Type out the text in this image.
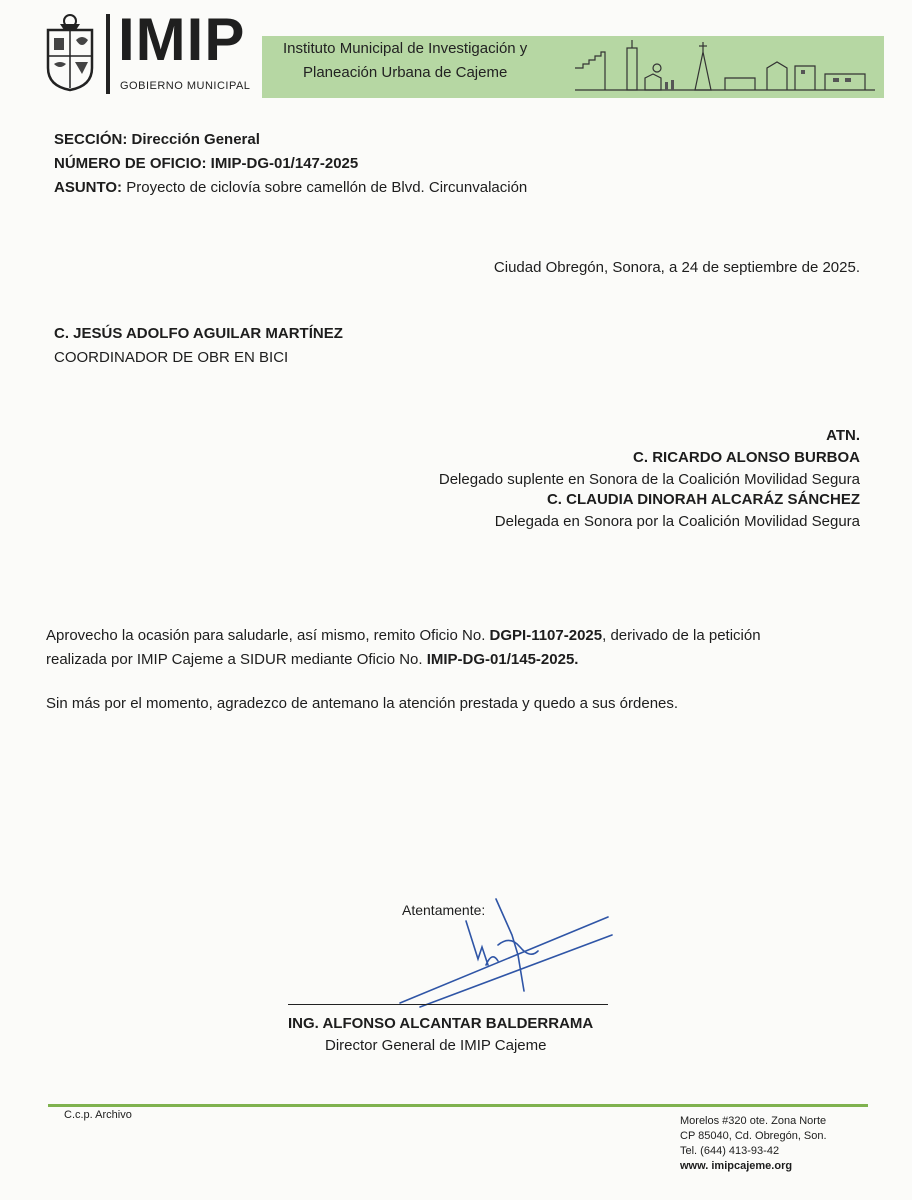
IMIP
GOBIERNO MUNICIPAL
Instituto Municipal de Investigación y
Planeación Urbana de Cajeme
SECCIÓN: Dirección General
NÚMERO DE OFICIO: IMIP-DG-01/147-2025
ASUNTO: Proyecto de ciclovía sobre camellón de Blvd. Circunvalación
Ciudad Obregón, Sonora, a 24 de septiembre de 2025.
C. JESÚS ADOLFO AGUILAR MARTÍNEZ
COORDINADOR DE OBR EN BICI
ATN.
C. RICARDO ALONSO BURBOA
Delegado suplente en Sonora de la Coalición Movilidad Segura
C. CLAUDIA DINORAH ALCARÁZ SÁNCHEZ
Delegada en Sonora por la Coalición Movilidad Segura
Aprovecho la ocasión para saludarle, así mismo, remito Oficio No. DGPI-1107-2025, derivado de la petición
realizada por IMIP Cajeme a SIDUR mediante Oficio No. IMIP-DG-01/145-2025.
Sin más por el momento, agradezco de antemano la atención prestada y quedo a sus órdenes.
Atentamente:
ING. ALFONSO ALCANTAR BALDERRAMA
Director General de IMIP Cajeme
C.c.p. Archivo	Morelos #320 ote. Zona Norte
CP 85040, Cd. Obregón, Son.
Tel. (644) 413-93-42
www. imipcajeme.org
